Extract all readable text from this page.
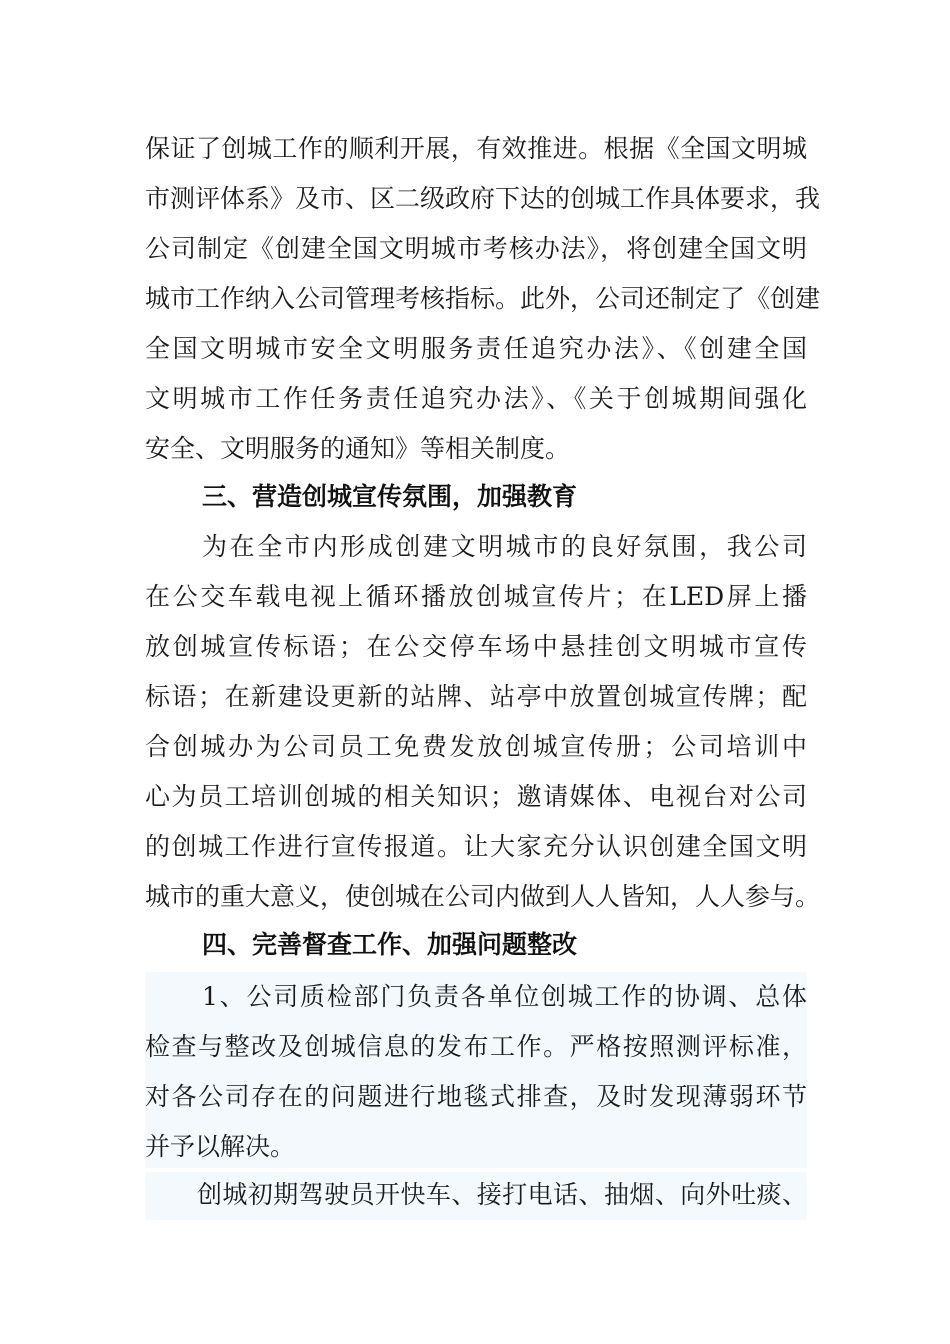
保证了创城工作的顺利开展，有效推进。根据《全国文明城
市测评体系》及市、区二级政府下达的创城工作具体要求，我
公司制定《创建全国文明城市考核办法》，将创建全国文明
城市工作纳入公司管理考核指标。此外，公司还制定了《创建
全国文明城市安全文明服务责任追究办法》、《创建全国
文明城市工作任务责任追究办法》、《关于创城期间强化
安全、文明服务的通知》等相关制度。
三、营造创城宣传氛围，加强教育
为在全市内形成创建文明城市的良好氛围，我公司
在公交车载电视上循环播放创城宣传片；在LED屏上播
放创城宣传标语；在公交停车场中悬挂创文明城市宣传
标语；在新建设更新的站牌、站亭中放置创城宣传牌；配
合创城办为公司员工免费发放创城宣传册；公司培训中
心为员工培训创城的相关知识；邀请媒体、电视台对公司
的创城工作进行宣传报道。让大家充分认识创建全国文明
城市的重大意义，使创城在公司内做到人人皆知，人人参与。
四、完善督查工作、加强问题整改
1、公司质检部门负责各单位创城工作的协调、总体
检查与整改及创城信息的发布工作。严格按照测评标准，
对各公司存在的问题进行地毯式排查，及时发现薄弱环节
并予以解决。
创城初期驾驶员开快车、接打电话、抽烟、向外吐痰、
